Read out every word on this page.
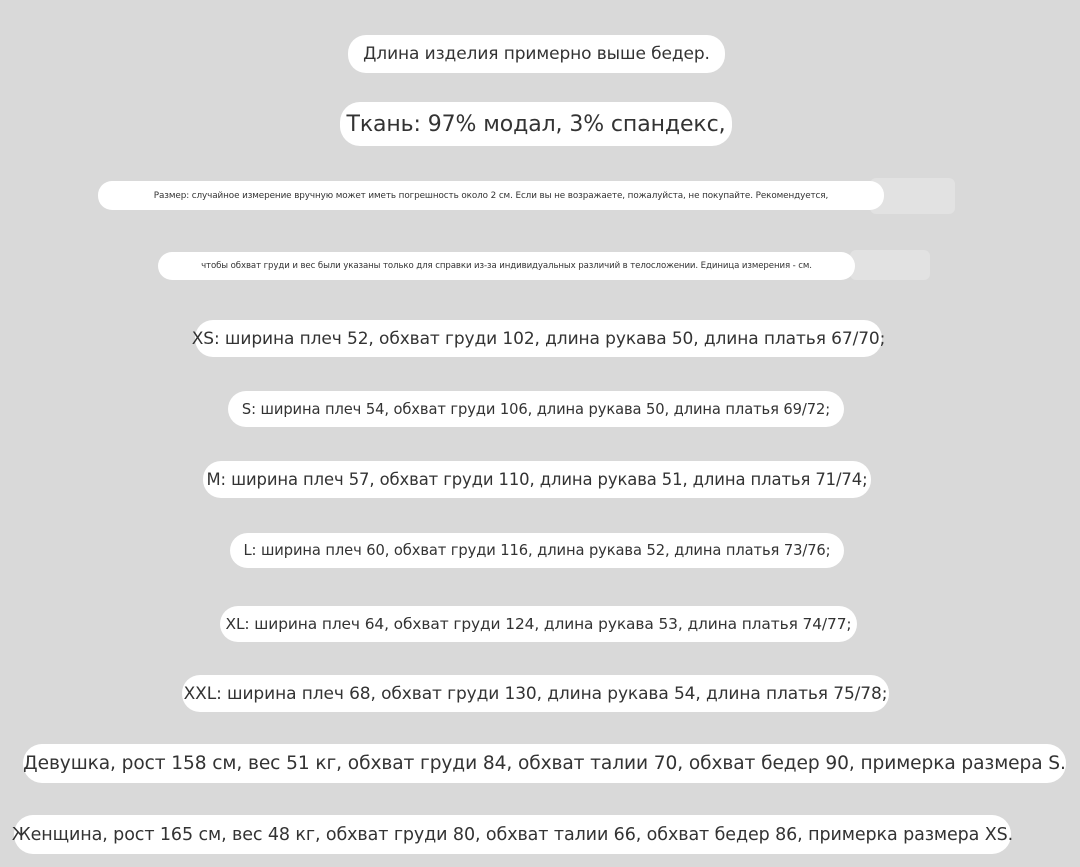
Длина изделия примерно выше бедер.
Ткань: 97% модал, 3% спандекс,
Размер: случайное измерение вручную может иметь погрешность около 2 см. Если вы не возражаете, пожалуйста, не покупайте. Рекомендуется,
чтобы обхват груди и вес были указаны только для справки из-за индивидуальных различий в телосложении. Единица измерения - см.
XS: ширина плеч 52, обхват груди 102, длина рукава 50, длина платья 67/70;
S: ширина плеч 54, обхват груди 106, длина рукава 50, длина платья 69/72;
M: ширина плеч 57, обхват груди 110, длина рукава 51, длина платья 71/74;
L: ширина плеч 60, обхват груди 116, длина рукава 52, длина платья 73/76;
XL: ширина плеч 64, обхват груди 124, длина рукава 53, длина платья 74/77;
XXL: ширина плеч 68, обхват груди 130, длина рукава 54, длина платья 75/78;
Девушка, рост 158 см, вес 51 кг, обхват груди 84, обхват талии 70, обхват бедер 90, примерка размера S.
Женщина, рост 165 см, вес 48 кг, обхват груди 80, обхват талии 66, обхват бедер 86, примерка размера XS.
